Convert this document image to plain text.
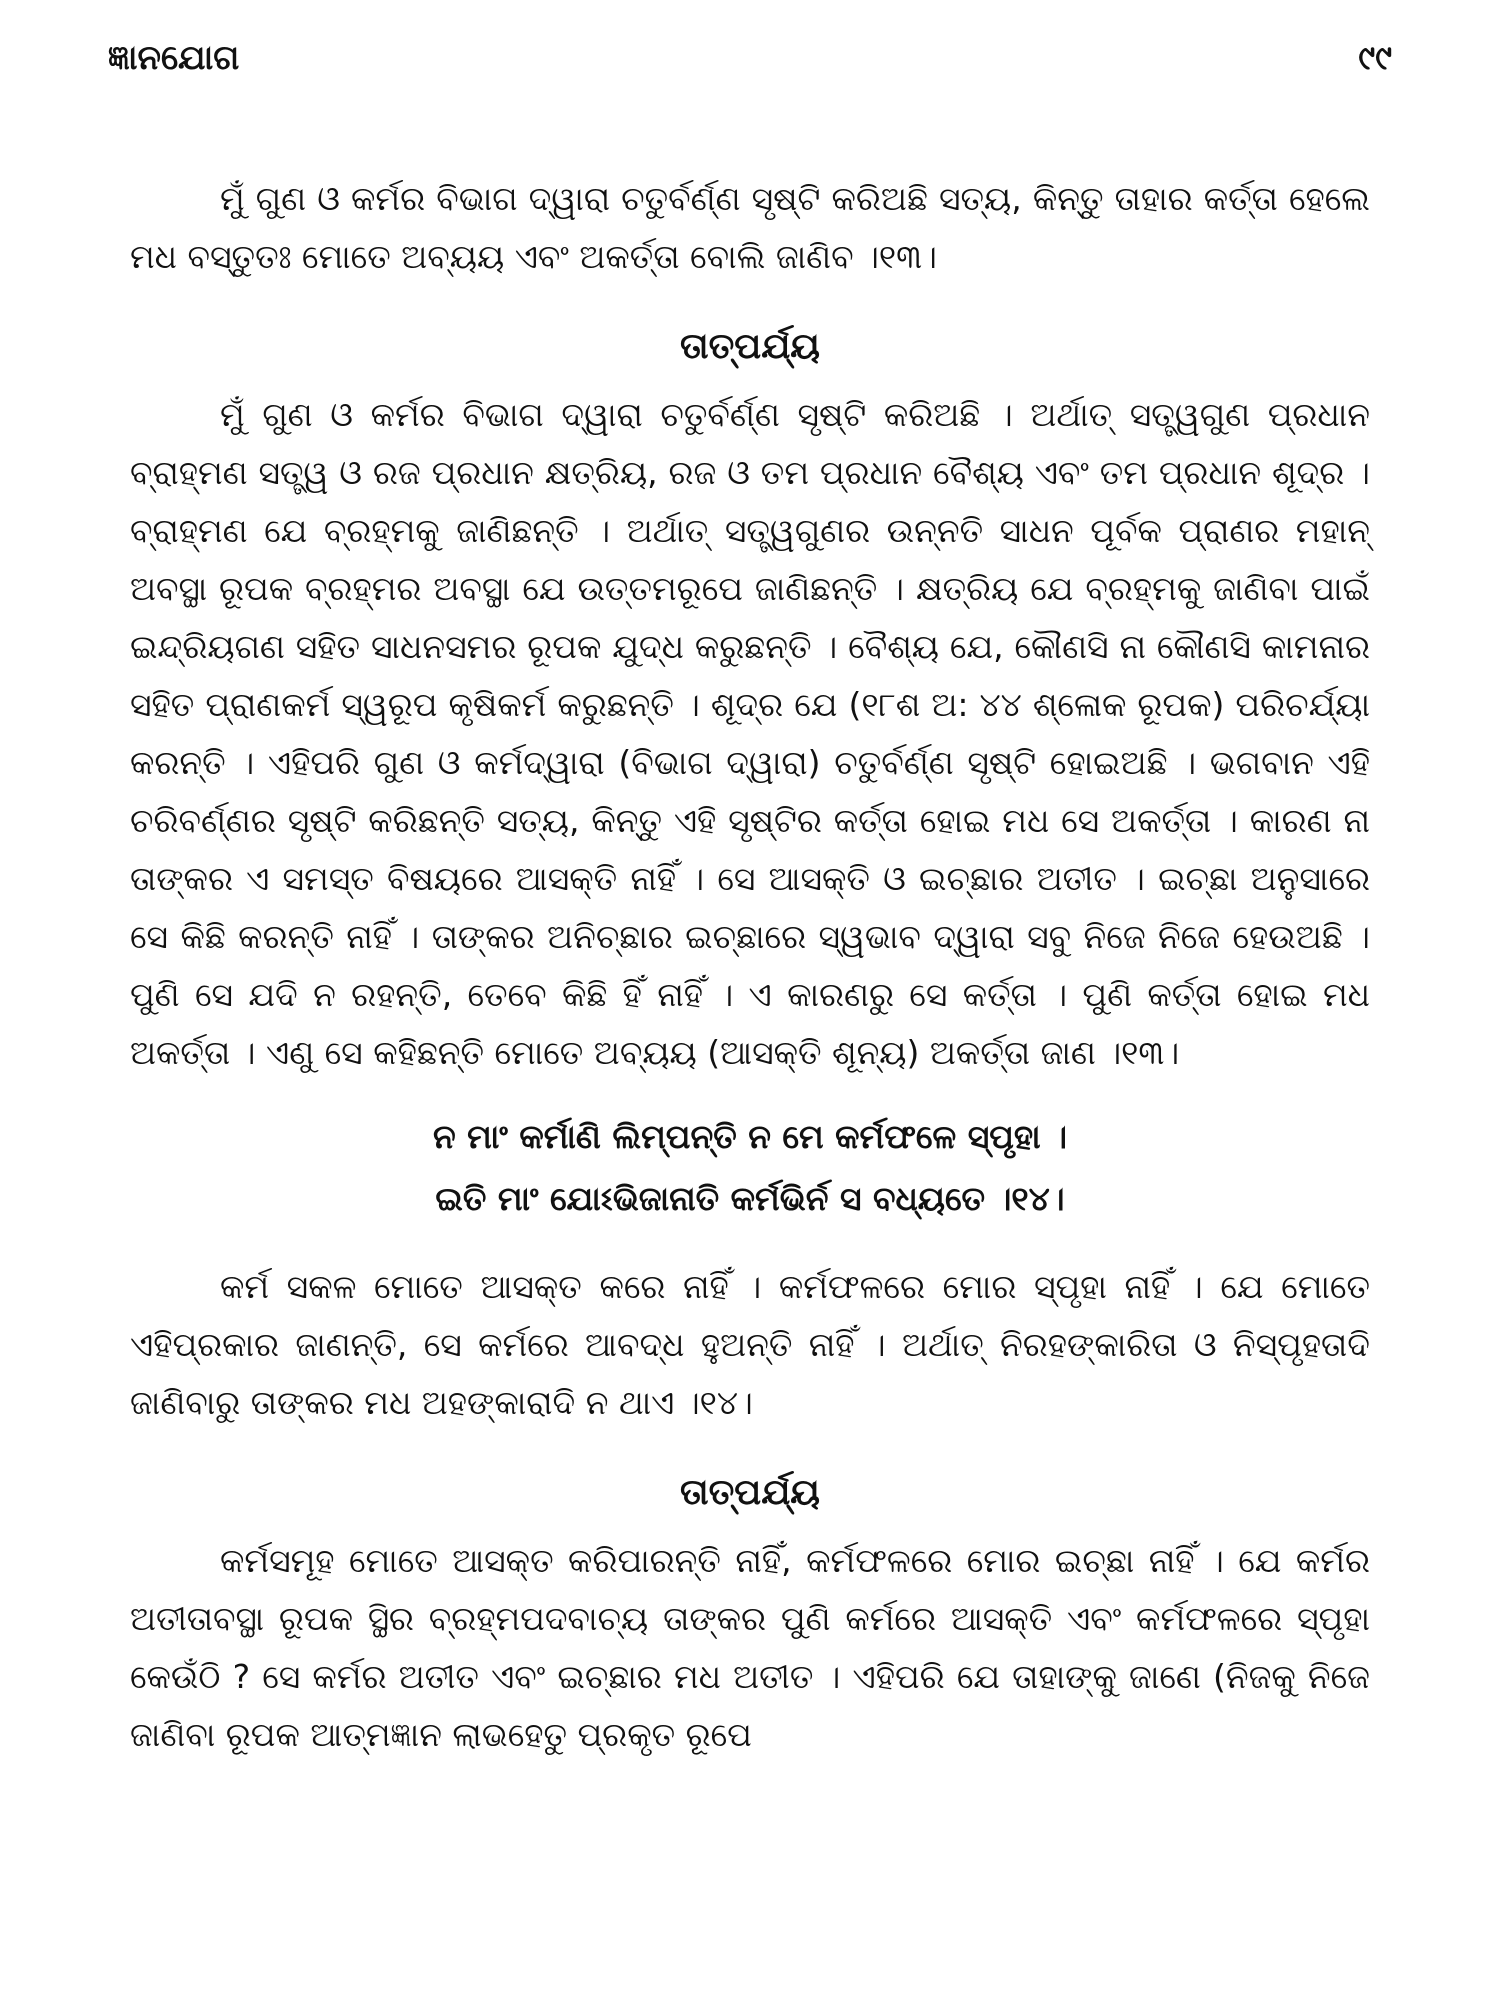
ଜ୍ଞାନଯୋଗ	୯୯

ମୁଁ ଗୁଣ ଓ କର୍ମର ବିଭାଗ ଦ୍ୱାରା ଚତୁର୍ବର୍ଣ୍ଣ ସୃଷ୍ଟି କରିଅଛି ସତ୍ୟ, କିନ୍ତୁ ତାହାର କର୍ତ୍ତା ହେଲେ ମଧ ବସ୍ତୁତଃ ମୋତେ ଅବ୍ୟୟ ଏବଂ ଅକର୍ତ୍ତା ବୋଲି ଜାଣିବ ।୧୩।

ତାତ୍ପର୍ଯ୍ୟ

ମୁଁ ଗୁଣ ଓ କର୍ମର ବିଭାଗ ଦ୍ୱାରା ଚତୁର୍ବର୍ଣ୍ଣ ସୃଷ୍ଟି କରିଅଛି । ଅର୍ଥାତ୍ ସତ୍ତ୍ୱଗୁଣ ପ୍ରଧାନ ବ୍ରାହ୍ମଣ ସତ୍ତ୍ୱ ଓ ରଜ ପ୍ରଧାନ କ୍ଷତ୍ରିୟ, ରଜ ଓ ତମ ପ୍ରଧାନ ବୈଶ୍ୟ ଏବଂ ତମ ପ୍ରଧାନ ଶୂଦ୍ର । ବ୍ରାହ୍ମଣ ଯେ ବ୍ରହ୍ମକୁ ଜାଣିଛନ୍ତି । ଅର୍ଥାତ୍ ସତ୍ତ୍ୱଗୁଣର ଉନ୍ନତି ସାଧନ ପୂର୍ବକ ପ୍ରାଣର ମହାନ୍ ଅବସ୍ଥା ରୂପକ ବ୍ରହ୍ମର ଅବସ୍ଥା ଯେ ଉତ୍ତମରୂପେ ଜାଣିଛନ୍ତି । କ୍ଷତ୍ରିୟ ଯେ ବ୍ରହ୍ମକୁ ଜାଣିବା ପାଇଁ ଇନ୍ଦ୍ରିୟଗଣ ସହିତ ସାଧନସମର ରୂପକ ଯୁଦ୍ଧ କରୁଛନ୍ତି । ବୈଶ୍ୟ ଯେ, କୌଣସି ନା କୌଣସି କାମନାର ସହିତ ପ୍ରାଣକର୍ମ ସ୍ୱରୂପ କୃଷିକର୍ମ କରୁଛନ୍ତି । ଶୂଦ୍ର ଯେ (୧୮ଶ ଅ: ୪୪ ଶ୍ଳୋକ ରୂପକ) ପରିଚର୍ଯ୍ୟା କରନ୍ତି । ଏହିପରି ଗୁଣ ଓ କର୍ମଦ୍ୱାରା (ବିଭାଗ ଦ୍ୱାରା) ଚତୁର୍ବର୍ଣ୍ଣ ସୃଷ୍ଟି ହୋଇଅଛି । ଭଗବାନ ଏହି ଚରିବର୍ଣ୍ଣର ସୃଷ୍ଟି କରିଛନ୍ତି ସତ୍ୟ, କିନ୍ତୁ ଏହି ସୃଷ୍ଟିର କର୍ତ୍ତା ହୋଇ ମଧ ସେ ଅକର୍ତ୍ତା । କାରଣ ନା ତାଙ୍କର ଏ ସମସ୍ତ ବିଷୟରେ ଆସକ୍ତି ନାହିଁ । ସେ ଆସକ୍ତି ଓ ଇଚ୍ଛାର ଅତୀତ । ଇଚ୍ଛା ଅନୁସାରେ ସେ କିଛି କରନ୍ତି ନାହିଁ । ତାଙ୍କର ଅନିଚ୍ଛାର ଇଚ୍ଛାରେ ସ୍ୱଭାବ ଦ୍ୱାରା ସବୁ ନିଜେ ନିଜେ ହେଉଅଛି । ପୁଣି ସେ ଯଦି ନ ରହନ୍ତି, ତେବେ କିଛି ହିଁ ନାହିଁ । ଏ କାରଣରୁ ସେ କର୍ତ୍ତା । ପୁଣି କର୍ତ୍ତା ହୋଇ ମଧ ଅକର୍ତ୍ତା । ଏଣୁ ସେ କହିଛନ୍ତି ମୋତେ ଅବ୍ୟୟ (ଆସକ୍ତି ଶୂନ୍ୟ) ଅକର୍ତ୍ତା ଜାଣ ।୧୩।

ନ ମାଂ କର୍ମାଣି ଲିମ୍ପନ୍ତି ନ ମେ କର୍ମଫଳେ ସ୍ପୃହା ।
ଇତି ମାଂ ଯୋଽଭିଜାନାତି କର୍ମଭିର୍ନ ସ ବଧ୍ୟତେ ।୧୪।

କର୍ମ ସକଳ ମୋତେ ଆସକ୍ତ କରେ ନାହିଁ । କର୍ମଫଳରେ ମୋର ସ୍ପୃହା ନାହିଁ । ଯେ ମୋତେ ଏହିପ୍ରକାର ଜାଣନ୍ତି, ସେ କର୍ମରେ ଆବଦ୍ଧ ହୁଅନ୍ତି ନାହିଁ । ଅର୍ଥାତ୍ ନିରହଙ୍କାରିତା ଓ ନିସ୍ପୃହତାଦି ଜାଣିବାରୁ ତାଙ୍କର ମଧ ଅହଙ୍କାରାଦି ନ ଥାଏ ।୧୪।

ତାତ୍ପର୍ଯ୍ୟ

କର୍ମସମୂହ ମୋତେ ଆସକ୍ତ କରିପାରନ୍ତି ନାହିଁ, କର୍ମଫଳରେ ମୋର ଇଚ୍ଛା ନାହିଁ । ଯେ କର୍ମର ଅତୀତାବସ୍ଥା ରୂପକ ସ୍ଥିର ବ୍ରହ୍ମପଦବାଚ୍ୟ ତାଙ୍କର ପୁଣି କର୍ମରେ ଆସକ୍ତି ଏବଂ କର୍ମଫଳରେ ସ୍ପୃହା କେଉଁଠି ? ସେ କର୍ମର ଅତୀତ ଏବଂ ଇଚ୍ଛାର ମଧ ଅତୀତ । ଏହିପରି ଯେ ତାହାଙ୍କୁ ଜାଣେ (ନିଜକୁ ନିଜେ ଜାଣିବା ରୂପକ ଆତ୍ମଜ୍ଞାନ ଲାଭହେତୁ ପ୍ରକୃତ ରୂପେ
